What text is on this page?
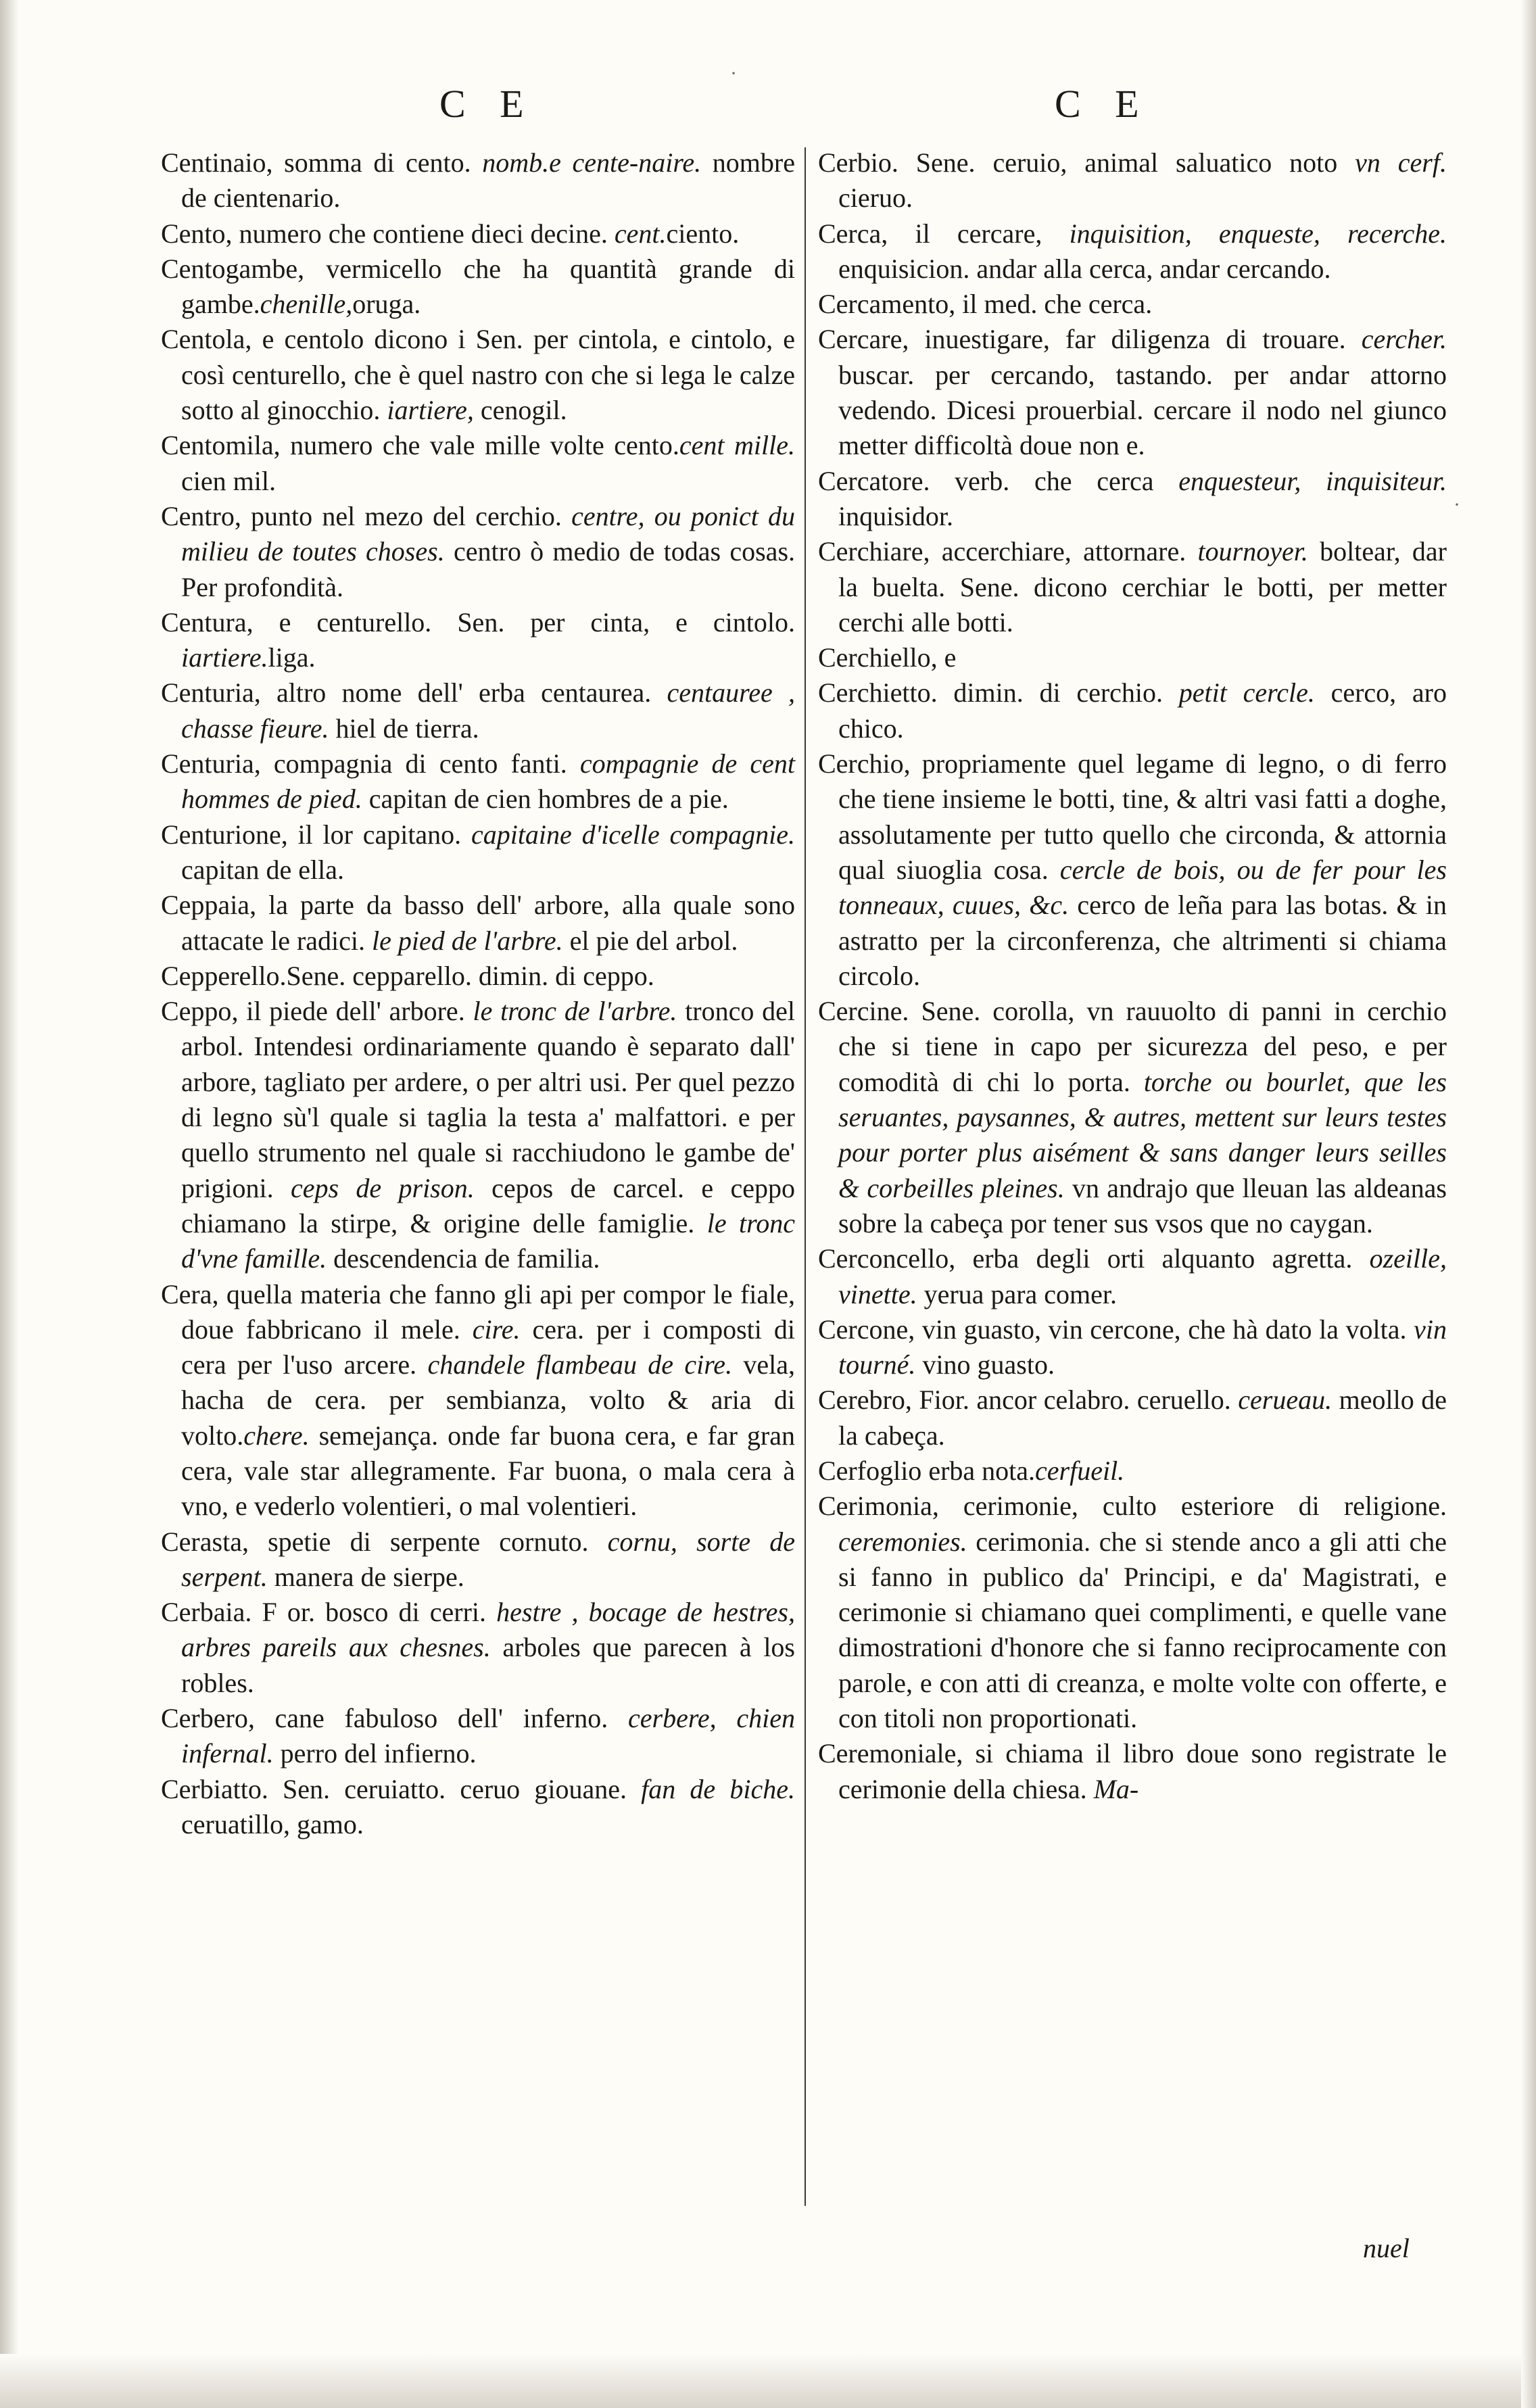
C E	C E

Centinaio, somma di cento. nomb.e cente-naire. nombre de cientenario.

Cento, numero che contiene dieci decine. cent.ciento.

Centogambe, vermicello che ha quantità grande di gambe.chenille,oruga.

Centola, e centolo dicono i Sen. per cintola, e cintolo, e così centurello, che è quel nastro con che si lega le calze sotto al ginocchio. iartiere, cenogil.

Centomila, numero che vale mille volte cento.cent mille. cien mil.

Centro, punto nel mezo del cerchio. centre, ou ponict du milieu de toutes choses. centro ò medio de todas cosas. Per profondità.

Centura, e centurello. Sen. per cinta, e cintolo. iartiere.liga.

Centuria, altro nome dell' erba centaurea. centauree , chasse fieure. hiel de tierra.

Centuria, compagnia di cento fanti. compagnie de cent hommes de pied. capitan de cien hombres de a pie.

Centurione, il lor capitano. capitaine d'icelle compagnie. capitan de ella.

Ceppaia, la parte da basso dell' arbore, alla quale sono attacate le radici. le pied de l'arbre. el pie del arbol.

Cepperello.Sene. cepparello. dimin. di ceppo.

Ceppo, il piede dell' arbore. le tronc de l'arbre. tronco del arbol. Intendesi ordinariamente quando è separato dall' arbore, tagliato per ardere, o per altri usi. Per quel pezzo di legno sù'l quale si taglia la testa a' malfattori. e per quello strumento nel quale si racchiudono le gambe de' prigioni. ceps de prison. cepos de carcel. e ceppo chiamano la stirpe, & origine delle famiglie. le tronc d'vne famille. descendencia de familia.

Cera, quella materia che fanno gli api per compor le fiale, doue fabbricano il mele. cire. cera. per i composti di cera per l'uso arcere. chandele flambeau de cire. vela, hacha de cera. per sembianza, volto & aria di volto.chere. semejança. onde far buona cera, e far gran cera, vale star allegramente. Far buona, o mala cera à vno, e vederlo volentieri, o mal volentieri.

Cerasta, spetie di serpente cornuto. cornu, sorte de serpent. manera de sierpe.

Cerbaia. F or. bosco di cerri. hestre , bocage de hestres, arbres pareils aux chesnes. arboles que parecen à los robles.

Cerbero, cane fabuloso dell' inferno. cerbere, chien infernal. perro del infierno.

Cerbiatto. Sen. ceruiatto. ceruo giouane. fan de biche. ceruatillo, gamo.

Cerbio. Sene. ceruio, animal saluatico noto vn cerf. cieruo.

Cerca, il cercare, inquisition, enqueste, recerche. enquisicion. andar alla cerca, andar cercando.

Cercamento, il med. che cerca.

Cercare, inuestigare, far diligenza di trouare. cercher. buscar. per cercando, tastando. per andar attorno vedendo. Dicesi prouerbial. cercare il nodo nel giunco metter difficoltà doue non e.

Cercatore. verb. che cerca enquesteur, inquisiteur. inquisidor.

Cerchiare, accerchiare, attornare. tournoyer. boltear, dar la buelta. Sene. dicono cerchiar le botti, per metter cerchi alle botti.

Cerchiello, e

Cerchietto. dimin. di cerchio. petit cercle. cerco, aro chico.

Cerchio, propriamente quel legame di legno, o di ferro che tiene insieme le botti, tine, & altri vasi fatti a doghe, assolutamente per tutto quello che circonda, & attornia qual siuoglia cosa. cercle de bois, ou de fer pour les tonneaux, cuues, &c. cerco de leña para las botas. & in astratto per la circonferenza, che altrimenti si chiama circolo.

Cercine. Sene. corolla, vn rauuolto di panni in cerchio che si tiene in capo per sicurezza del peso, e per comodità di chi lo porta. torche ou bourlet, que les seruantes, paysannes, & autres, mettent sur leurs testes pour porter plus aisément & sans danger leurs seilles & corbeilles pleines. vn andrajo que lleuan las aldeanas sobre la cabeça por tener sus vsos que no caygan.

Cerconcello, erba degli orti alquanto agretta. ozeille, vinette. yerua para comer.

Cercone, vin guasto, vin cercone, che hà dato la volta. vin tourné. vino guasto.

Cerebro, Fior. ancor celabro. ceruello. cerueau. meollo de la cabeça.

Cerfoglio erba nota.cerfueil.

Cerimonia, cerimonie, culto esteriore di religione. ceremonies. cerimonia. che si stende anco a gli atti che si fanno in publico da' Principi, e da' Magistrati, e cerimonie si chiamano quei complimenti, e quelle vane dimostrationi d'honore che si fanno reciprocamente con parole, e con atti di creanza, e molte volte con offerte, e con titoli non proportionati.

Ceremoniale, si chiama il libro doue sono registrate le cerimonie della chiesa. Ma-

nuel
·
·
